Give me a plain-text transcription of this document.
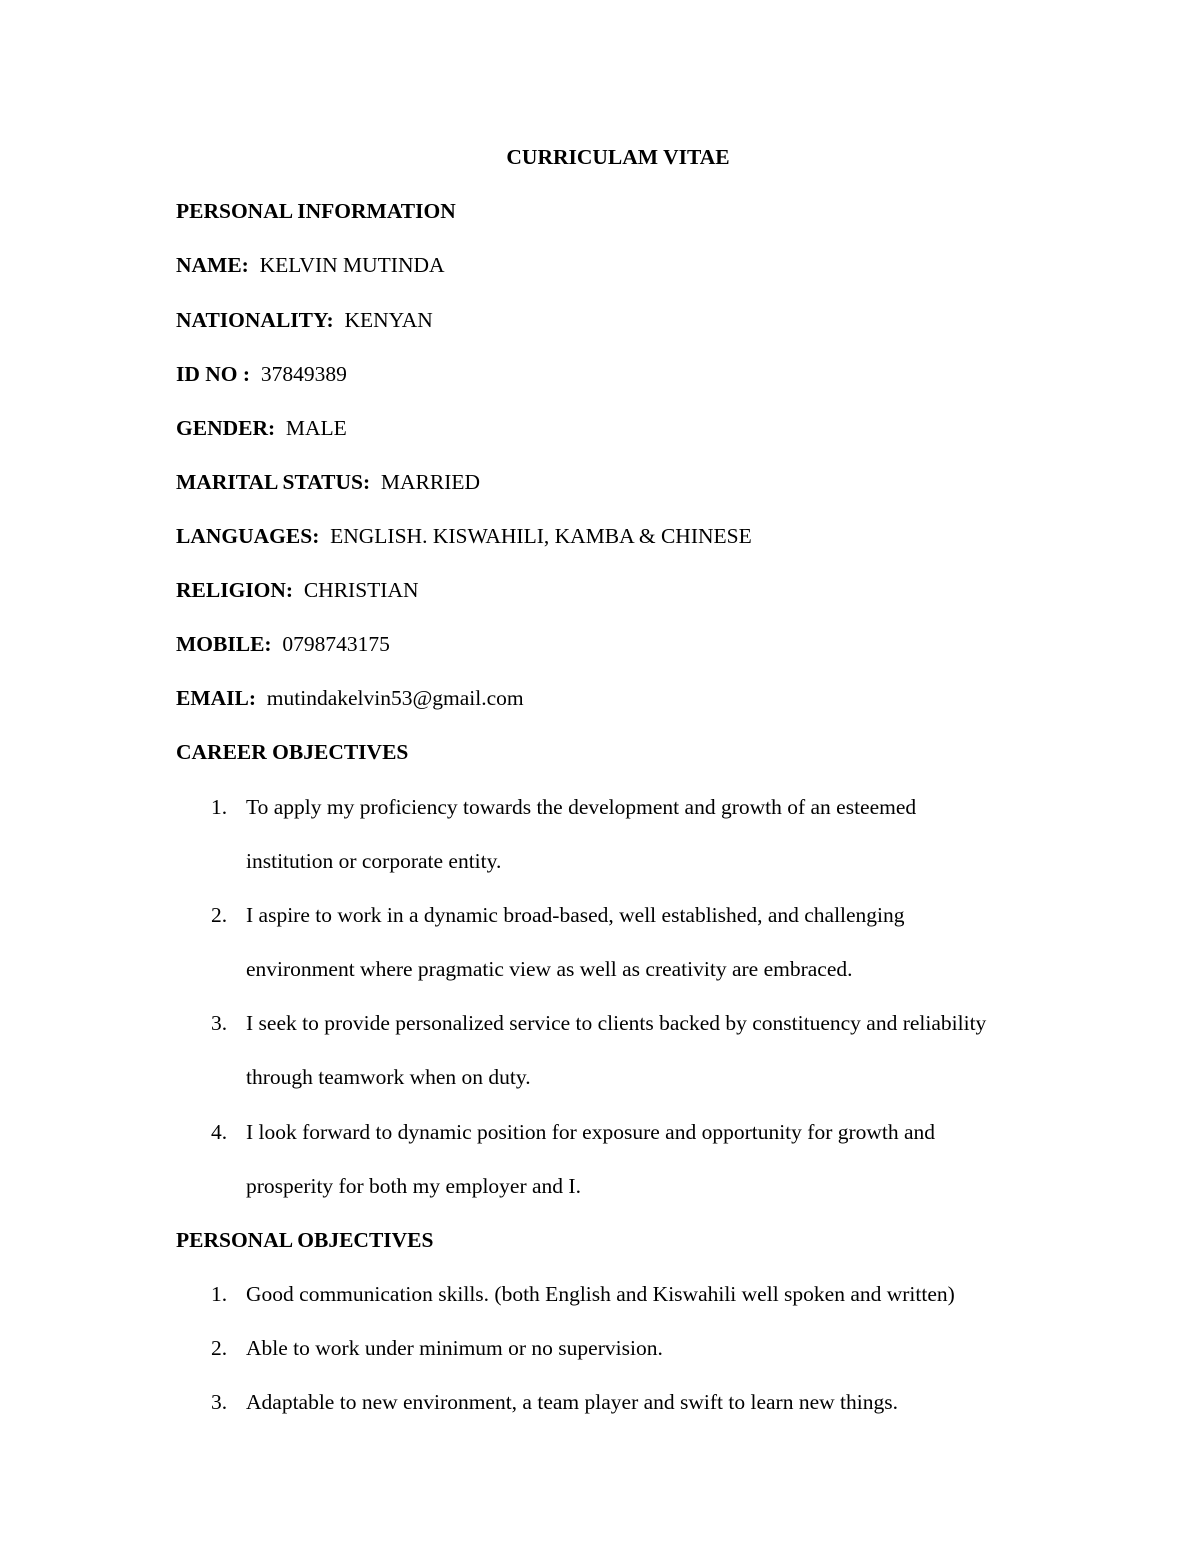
CURRICULAM VITAE
PERSONAL INFORMATION
NAME: KELVIN MUTINDA
NATIONALITY: KENYAN
ID NO : 37849389
GENDER: MALE
MARITAL STATUS: MARRIED
LANGUAGES: ENGLISH. KISWAHILI, KAMBA & CHINESE
RELIGION: CHRISTIAN
MOBILE: 0798743175
EMAIL: mutindakelvin53@gmail.com
CAREER OBJECTIVES
1. To apply my proficiency towards the development and growth of an esteemed
institution or corporate entity.
2. I aspire to work in a dynamic broad-based, well established, and challenging
environment where pragmatic view as well as creativity are embraced.
3. I seek to provide personalized service to clients backed by constituency and reliability
through teamwork when on duty.
4. I look forward to dynamic position for exposure and opportunity for growth and
prosperity for both my employer and I.
PERSONAL OBJECTIVES
1. Good communication skills. (both English and Kiswahili well spoken and written)
2. Able to work under minimum or no supervision.
3. Adaptable to new environment, a team player and swift to learn new things.
